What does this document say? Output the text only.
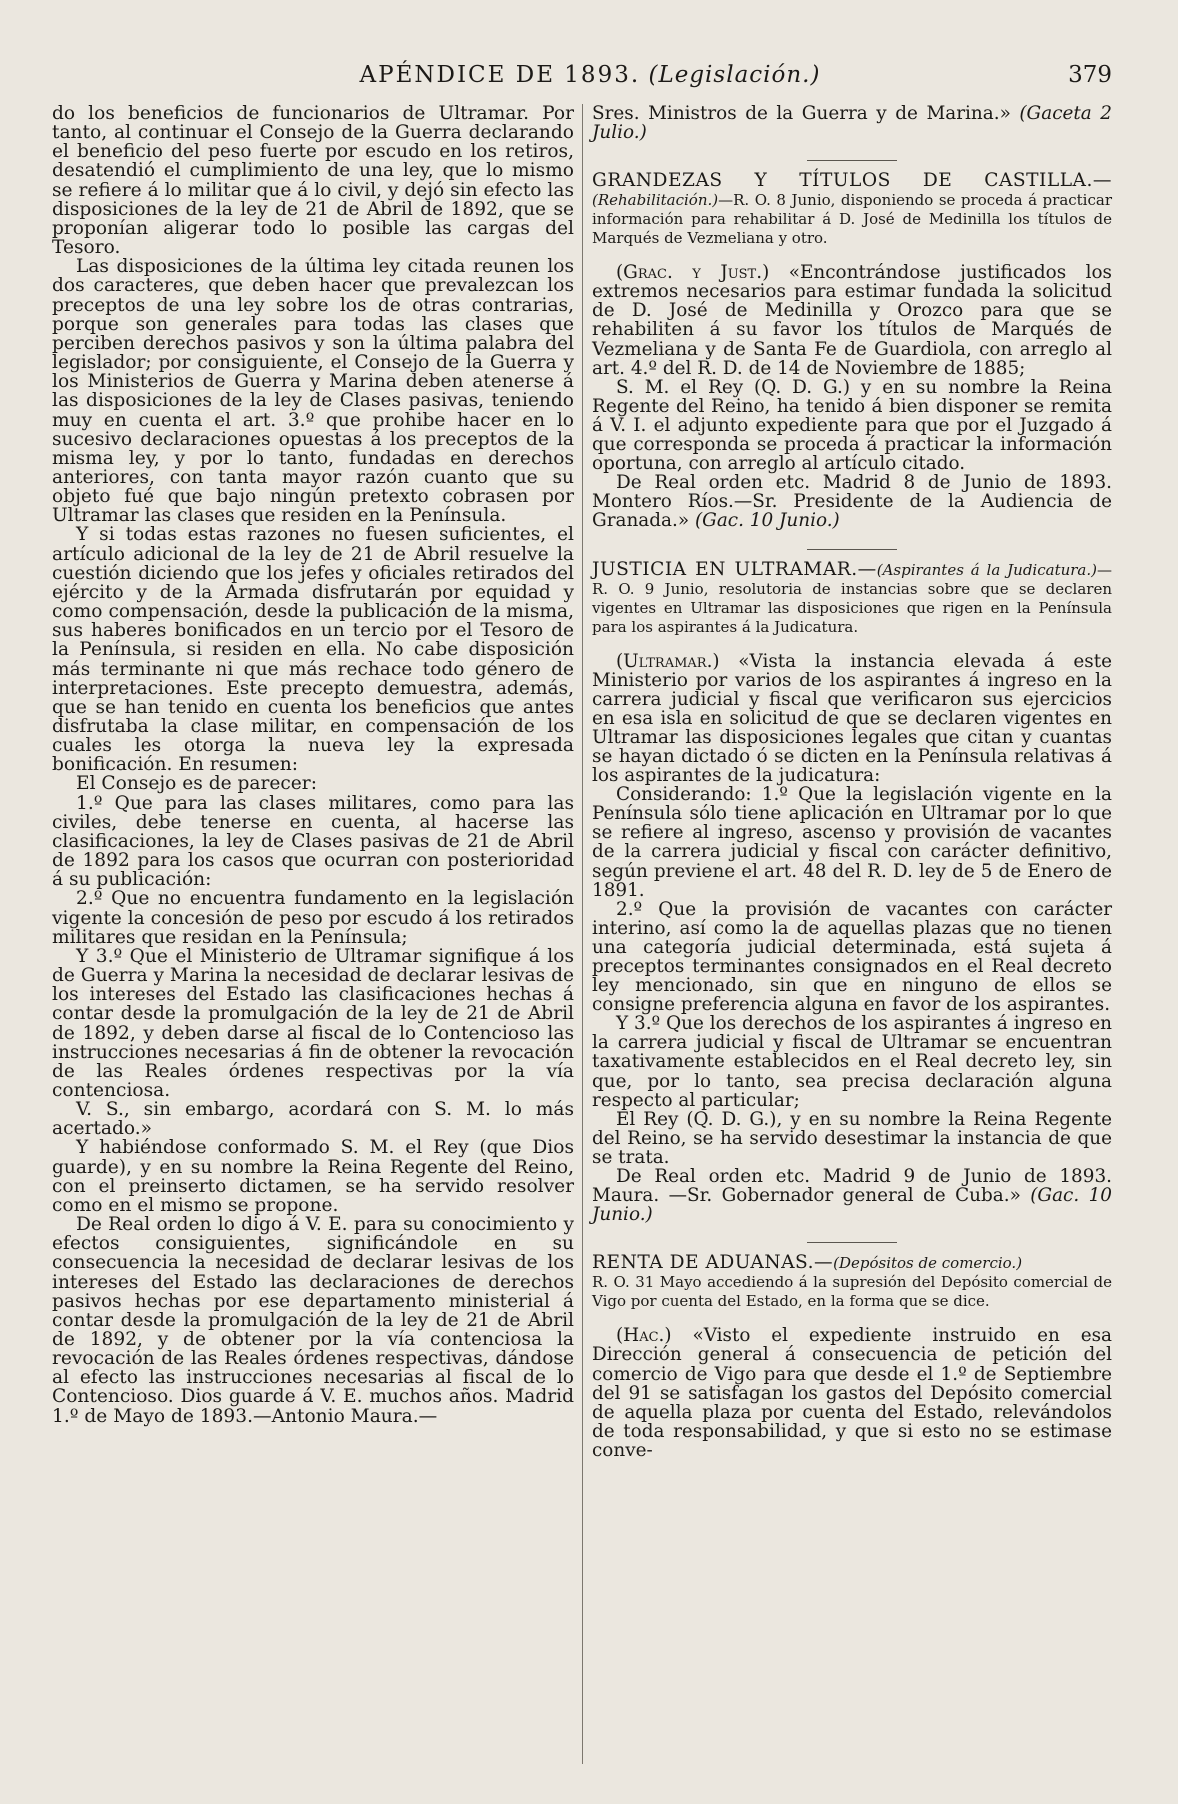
APÉNDICE DE 1893. (Legislación.)	379

do los beneficios de funcionarios de Ultramar. Por tanto, al continuar el Consejo de la Guerra declarando el beneficio del peso fuerte por escudo en los retiros, desatendió el cumplimiento de una ley, que lo mismo se refiere á lo militar que á lo civil, y dejó sin efecto las disposiciones de la ley de 21 de Abril de 1892, que se proponían aligerar todo lo posible las cargas del Tesoro.

Las disposiciones de la última ley citada reunen los dos caracteres, que deben hacer que prevalezcan los preceptos de una ley sobre los de otras contrarias, porque son generales para todas las clases que perciben derechos pasivos y son la última palabra del legislador; por consiguiente, el Consejo de la Guerra y los Ministerios de Guerra y Marina deben atenerse á las disposiciones de la ley de Clases pasivas, teniendo muy en cuenta el art. 3.º que prohibe hacer en lo sucesivo declaraciones opuestas á los preceptos de la misma ley, y por lo tanto, fundadas en derechos anteriores, con tanta mayor razón cuanto que su objeto fué que bajo ningún pretexto cobrasen por Ultramar las clases que residen en la Península.

Y si todas estas razones no fuesen suficientes, el artículo adicional de la ley de 21 de Abril resuelve la cuestión diciendo que los jefes y oficiales retirados del ejército y de la Armada disfrutarán por equidad y como compensación, desde la publicación de la misma, sus haberes bonificados en un tercio por el Tesoro de la Península, si residen en ella. No cabe disposición más terminante ni que más rechace todo género de interpretaciones. Este precepto demuestra, además, que se han tenido en cuenta los beneficios que antes disfrutaba la clase militar, en compensación de los cuales les otorga la nueva ley la expresada bonificación. En resumen:

El Consejo es de parecer:

1.º Que para las clases militares, como para las civiles, debe tenerse en cuenta, al hacerse las clasificaciones, la ley de Clases pasivas de 21 de Abril de 1892 para los casos que ocurran con posterioridad á su publicación:

2.º Que no encuentra fundamento en la legislación vigente la concesión de peso por escudo á los retirados militares que residan en la Península;

Y 3.º Que el Ministerio de Ultramar signifique á los de Guerra y Marina la necesidad de declarar lesivas de los intereses del Estado las clasificaciones hechas á contar desde la promulgación de la ley de 21 de Abril de 1892, y deben darse al fiscal de lo Contencioso las instrucciones necesarias á fin de obtener la revocación de las Reales órdenes respectivas por la vía contenciosa.

V. S., sin embargo, acordará con S. M. lo más acertado.»

Y habiéndose conformado S. M. el Rey (que Dios guarde), y en su nombre la Reina Regente del Reino, con el preinserto dictamen, se ha servido resolver como en el mismo se propone.

De Real orden lo digo á V. E. para su conocimiento y efectos consiguientes, significándole en su consecuencia la necesidad de declarar lesivas de los intereses del Estado las declaraciones de derechos pasivos hechas por ese departamento ministerial á contar desde la promulgación de la ley de 21 de Abril de 1892, y de obtener por la vía contenciosa la revocación de las Reales órdenes respectivas, dándose al efecto las instrucciones necesarias al fiscal de lo Contencioso. Dios guarde á V. E. muchos años. Madrid 1.º de Mayo de 1893.—Antonio Maura.—

Sres. Ministros de la Guerra y de Marina.» (Gaceta 2 Julio.)

GRANDEZAS Y TÍTULOS DE CASTILLA.—(Rehabilitación.)—R. O. 8 Junio, disponiendo se proceda á practicar información para rehabilitar á D. José de Medinilla los títulos de Marqués de Vezmeliana y otro.

(Grac. y Just.) «Encontrándose justificados los extremos necesarios para estimar fundada la solicitud de D. José de Medinilla y Orozco para que se rehabiliten á su favor los títulos de Marqués de Vezmeliana y de Santa Fe de Guardiola, con arreglo al art. 4.º del R. D. de 14 de Noviembre de 1885;

S. M. el Rey (Q. D. G.) y en su nombre la Reina Regente del Reino, ha tenido á bien disponer se remita á V. I. el adjunto expediente para que por el Juzgado á que corresponda se proceda á practicar la información oportuna, con arreglo al artículo citado.

De Real orden etc. Madrid 8 de Junio de 1893. Montero Ríos.—Sr. Presidente de la Audiencia de Granada.» (Gac. 10 Junio.)

JUSTICIA EN ULTRAMAR.—(Aspirantes á la Judicatura.)—R. O. 9 Junio, resolutoria de instancias sobre que se declaren vigentes en Ultramar las disposiciones que rigen en la Península para los aspirantes á la Judicatura.

(Ultramar.) «Vista la instancia elevada á este Ministerio por varios de los aspirantes á ingreso en la carrera judicial y fiscal que verificaron sus ejercicios en esa isla en solicitud de que se declaren vigentes en Ultramar las disposiciones legales que citan y cuantas se hayan dictado ó se dicten en la Península relativas á los aspirantes de la judicatura:

Considerando: 1.º Que la legislación vigente en la Península sólo tiene aplicación en Ultramar por lo que se refiere al ingreso, ascenso y provisión de vacantes de la carrera judicial y fiscal con carácter definitivo, según previene el art. 48 del R. D. ley de 5 de Enero de 1891.

2.º Que la provisión de vacantes con carácter interino, así como la de aquellas plazas que no tienen una categoría judicial determinada, está sujeta á preceptos terminantes consignados en el Real decreto ley mencionado, sin que en ninguno de ellos se consigne preferencia alguna en favor de los aspirantes.

Y 3.º Que los derechos de los aspirantes á ingreso en la carrera judicial y fiscal de Ultramar se encuentran taxativamente establecidos en el Real decreto ley, sin que, por lo tanto, sea precisa declaración alguna respecto al particular;

El Rey (Q. D. G.), y en su nombre la Reina Regente del Reino, se ha servido desestimar la instancia de que se trata.

De Real orden etc. Madrid 9 de Junio de 1893. Maura. —Sr. Gobernador general de Cuba.» (Gac. 10 Junio.)

RENTA DE ADUANAS.—(Depósitos de comercio.)
R. O. 31 Mayo accediendo á la supresión del Depósito comercial de Vigo por cuenta del Estado, en la forma que se dice.

(Hac.) «Visto el expediente instruido en esa Dirección general á consecuencia de petición del comercio de Vigo para que desde el 1.º de Septiembre del 91 se satisfagan los gastos del Depósito comercial de aquella plaza por cuenta del Estado, relevándolos de toda responsabilidad, y que si esto no se estimase conve-
